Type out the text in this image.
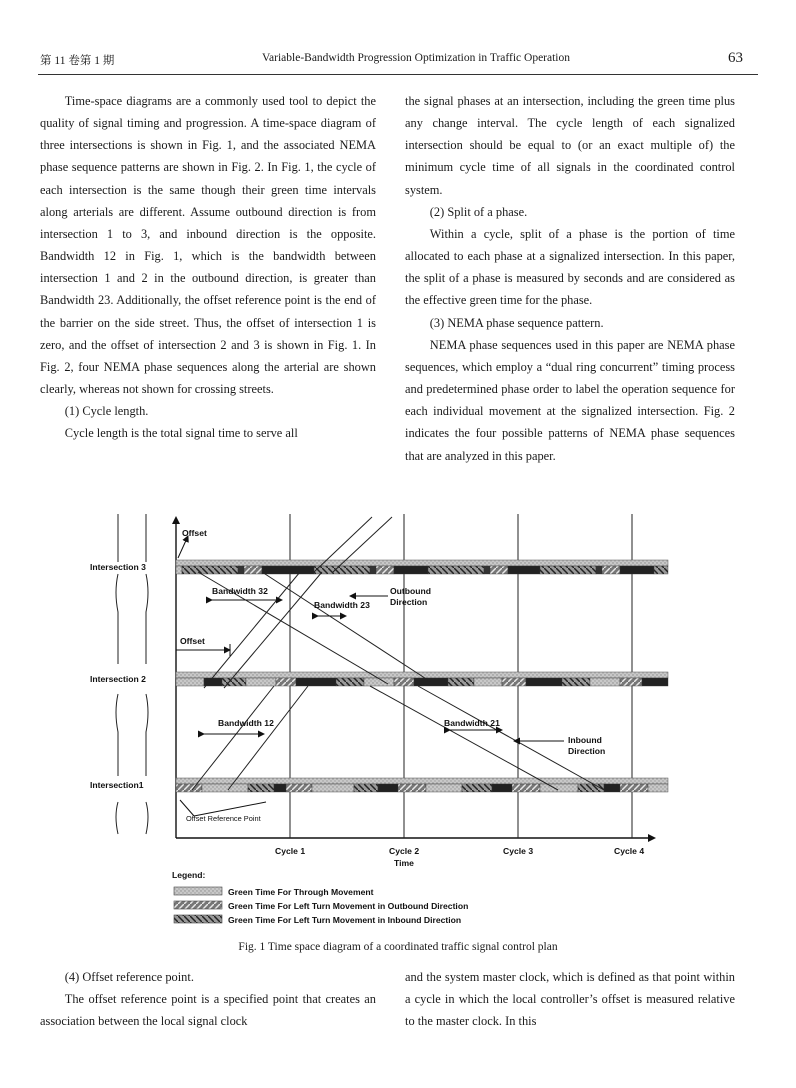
第 11 卷第 1 期	Variable-Bandwidth Progression Optimization in Traffic Operation	63

Time-space diagrams are a commonly used tool to depict the quality of signal timing and progression. A time-space diagram of three intersections is shown in Fig. 1, and the associated NEMA phase sequence patterns are shown in Fig. 2. In Fig. 1, the cycle of each intersection is the same though their green time intervals along arterials are different. Assume outbound direction is from intersection 1 to 3, and inbound direction is the opposite. Bandwidth 12 in Fig. 1, which is the bandwidth between intersection 1 and 2 in the outbound direction, is greater than Bandwidth 23. Additionally, the offset reference point is the end of the barrier on the side street. Thus, the offset of intersection 1 is zero, and the offset of intersection 2 and 3 is shown in Fig. 1. In Fig. 2, four NEMA phase sequences along the arterial are shown clearly, whereas not shown for crossing streets.

(1) Cycle length.

Cycle length is the total signal time to serve all

the signal phases at an intersection, including the green time plus any change interval. The cycle length of each signalized intersection should be equal to (or an exact multiple of) the minimum cycle time of all signals in the coordinated control system.

(2) Split of a phase.

Within a cycle, split of a phase is the portion of time allocated to each phase at a signalized intersection. In this paper, the split of a phase is measured by seconds and are considered as the effective green time for the phase.

(3) NEMA phase sequence pattern.

NEMA phase sequences used in this paper are NEMA phase sequences, which employ a “dual ring concurrent” timing process and predetermined phase order to label the operation sequence for each individual movement at the signalized intersection. Fig. 2 indicates the four possible patterns of NEMA phase sequences that are analyzed in this paper.

Offset
Offset
Intersection 3
Intersection 2
Intersection1
Bandwidth 32
Bandwidth 23
Bandwidth 12	Bandwidth 21
Outbound
Direction
Inbound
Direction
Offset Reference Point
Cycle 1	Cycle 2	Cycle 3	Cycle 4
Time
Legend:
Green Time For Through Movement
Green Time For Left Turn Movement in Outbound Direction
Green Time For Left Turn Movement in Inbound Direction
Fig. 1 Time space diagram of a coordinated traffic signal control plan

(4) Offset reference point.

The offset reference point is a specified point that creates an association between the local signal clock

and the system master clock, which is defined as that point within a cycle in which the local controller’s offset is measured relative to the master clock. In this
